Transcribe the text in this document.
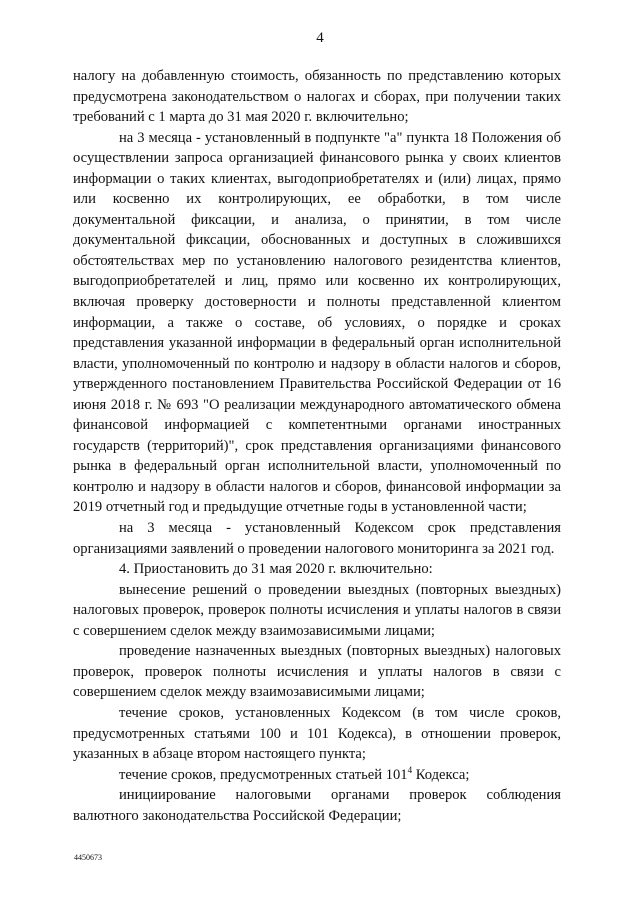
4

налогу на добавленную стоимость, обязанность по представлению которых предусмотрена законодательством о налогах и сборах, при получении таких требований с 1 марта до 31 мая 2020 г. включительно;

на 3 месяца - установленный в подпункте "а" пункта 18 Положения об осуществлении запроса организацией финансового рынка у своих клиентов информации о таких клиентах, выгодоприобретателях и (или) лицах, прямо или косвенно их контролирующих, ее обработки, в том числе документальной фиксации, и анализа, о принятии, в том числе документальной фиксации, обоснованных и доступных в сложившихся обстоятельствах мер по установлению налогового резидентства клиентов, выгодоприобретателей и лиц, прямо или косвенно их контролирующих, включая проверку достоверности и полноты представленной клиентом информации, а также о составе, об условиях, о порядке и сроках представления указанной информации в федеральный орган исполнительной власти, уполномоченный по контролю и надзору в области налогов и сборов, утвержденного постановлением Правительства Российской Федерации от 16 июня 2018 г. № 693 "О реализации международного автоматического обмена финансовой информацией с компетентными органами иностранных государств (территорий)", срок представления организациями финансового рынка в федеральный орган исполнительной власти, уполномоченный по контролю и надзору в области налогов и сборов, финансовой информации за 2019 отчетный год и предыдущие отчетные годы в установленной части;

на 3 месяца - установленный Кодексом срок представления организациями заявлений о проведении налогового мониторинга за 2021 год.

4. Приостановить до 31 мая 2020 г. включительно:

вынесение решений о проведении выездных (повторных выездных) налоговых проверок, проверок полноты исчисления и уплаты налогов в связи с совершением сделок между взаимозависимыми лицами;

проведение назначенных выездных (повторных выездных) налоговых проверок, проверок полноты исчисления и уплаты налогов в связи с совершением сделок между взаимозависимыми лицами;

течение сроков, установленных Кодексом (в том числе сроков, предусмотренных статьями 100 и 101 Кодекса), в отношении проверок, указанных в абзаце втором настоящего пункта;

течение сроков, предусмотренных статьей $101^4$ Кодекса;

инициирование налоговыми органами проверок соблюдения валютного законодательства Российской Федерации;

4450673
